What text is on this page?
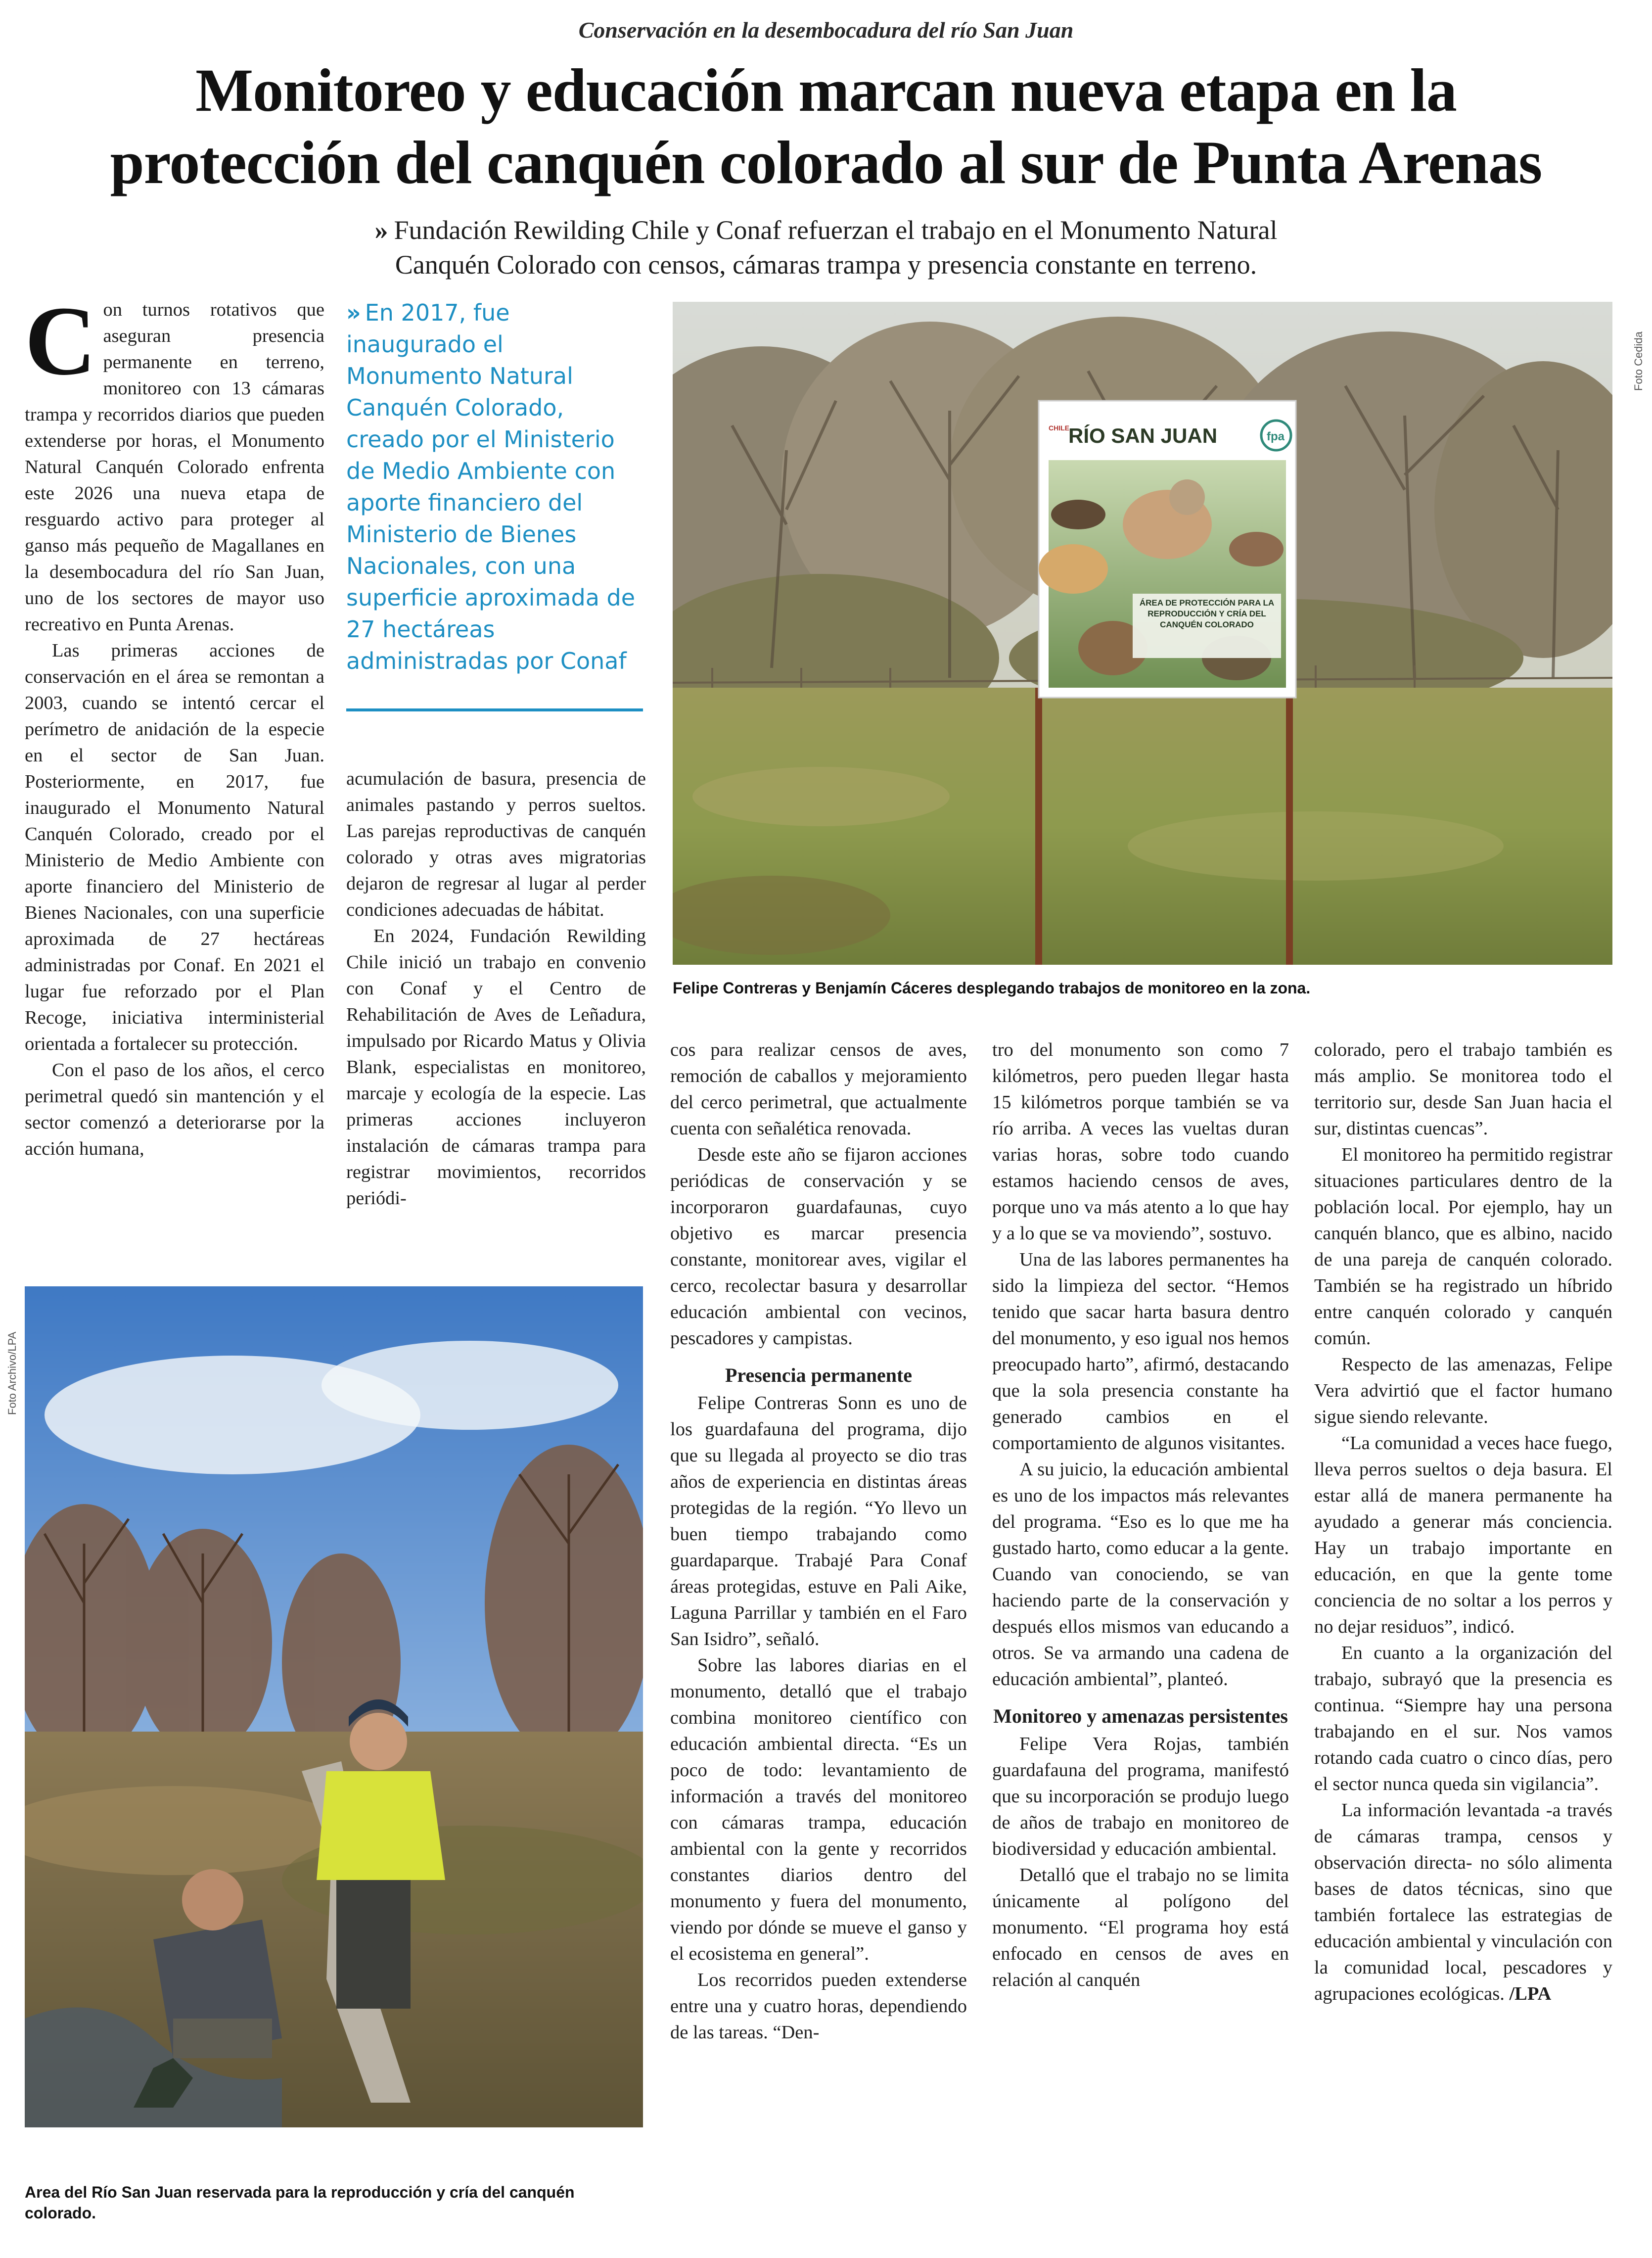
Conservación en la desembocadura del río San Juan
Monitoreo y educación marcan nueva etapa en la
protección del canquén colorado al sur de Punta Arenas
» Fundación Rewilding Chile y Conaf refuerzan el trabajo en el Monumento Natural
Canquén Colorado con censos, cámaras trampa y presencia constante en terreno.
C on turnos rotativos que aseguran presencia permanente en terreno, monitoreo con 13 cámaras trampa y recorridos diarios que pueden extenderse por horas, el Monumento Natural Canquén Colorado enfrenta este 2026 una nueva etapa de resguardo activo para proteger al ganso más pequeño de Magallanes en la desembocadura del río San Juan, uno de los sectores de mayor uso recreativo en Punta Arenas.

Las primeras acciones de conservación en el área se remontan a 2003, cuando se intentó cercar el perímetro de anidación de la especie en el sector de San Juan. Posteriormente, en 2017, fue inaugurado el Monumento Natural Canquén Colorado, creado por el Ministerio de Medio Ambiente con aporte financiero del Ministerio de Bienes Nacionales, con una superficie aproximada de 27 hectáreas administradas por Conaf. En 2021 el lugar fue reforzado por el Plan Recoge, iniciativa interministerial orientada a fortalecer su protección.

Con el paso de los años, el cerco perimetral quedó sin mantención y el sector comenzó a deteriorarse por la acción humana,

» En 2017, fue inaugurado el Monumento Natural Canquén Colorado, creado por el Ministerio de Medio Ambiente con aporte financiero del Ministerio de Bienes Nacionales, con una superficie aproximada de 27 hectáreas administradas por Conaf

acumulación de basura, presencia de animales pastando y perros sueltos. Las parejas reproductivas de canquén colorado y otras aves migratorias dejaron de regresar al lugar al perder condiciones adecuadas de hábitat.

En 2024, Fundación Rewilding Chile inició un trabajo en convenio con Conaf y el Centro de Rehabilitación de Aves de Leñadura, impulsado por Ricardo Matus y Olivia Blank, especialistas en monitoreo, marcaje y ecología de la especie. Las primeras acciones incluyeron instalación de cámaras trampa para registrar movimientos, recorridos periódi-

RÍO SAN JUAN
CHILE
fpa
ÁREA DE PROTECCIÓN PARA LA REPRODUCCIÓN Y CRÍA DEL CANQUÉN COLORADO
Foto Cedida
Felipe Contreras y Benjamín Cáceres desplegando trabajos de monitoreo en la zona.
Foto Archivo/LPA
Area del Río San Juan reservada para la reproducción y cría del canquén colorado.

cos para realizar censos de aves, remoción de caballos y mejoramiento del cerco perimetral, que actualmente cuenta con señalética renovada.

Desde este año se fijaron acciones periódicas de conservación y se incorporaron guardafaunas, cuyo objetivo es marcar presencia constante, monitorear aves, vigilar el cerco, recolectar basura y desarrollar educación ambiental con vecinos, pescadores y campistas.

Presencia permanente

Felipe Contreras Sonn es uno de los guardafauna del programa, dijo que su llegada al proyecto se dio tras años de experiencia en distintas áreas protegidas de la región. “Yo llevo un buen tiempo trabajando como guardaparque. Trabajé Para Conaf áreas protegidas, estuve en Pali Aike, Laguna Parrillar y también en el Faro San Isidro”, señaló.

Sobre las labores diarias en el monumento, detalló que el trabajo combina monitoreo científico con educación ambiental directa. “Es un poco de todo: levantamiento de información a través del monitoreo con cámaras trampa, educación ambiental con la gente y recorridos constantes diarios dentro del monumento y fuera del monumento, viendo por dónde se mueve el ganso y el ecosistema en general”.

Los recorridos pueden extenderse entre una y cuatro horas, dependiendo de las tareas. “Den-

tro del monumento son como 7 kilómetros, pero pueden llegar hasta 15 kilómetros porque también se va río arriba. A veces las vueltas duran varias horas, sobre todo cuando estamos haciendo censos de aves, porque uno va más atento a lo que hay y a lo que se va moviendo”, sostuvo.

Una de las labores permanentes ha sido la limpieza del sector. “Hemos tenido que sacar harta basura dentro del monumento, y eso igual nos hemos preocupado harto”, afirmó, destacando que la sola presencia constante ha generado cambios en el comportamiento de algunos visitantes.

A su juicio, la educación ambiental es uno de los impactos más relevantes del programa. “Eso es lo que me ha gustado harto, como educar a la gente. Cuando van conociendo, se van haciendo parte de la conservación y después ellos mismos van educando a otros. Se va armando una cadena de educación ambiental”, planteó.

Monitoreo y amenazas persistentes

Felipe Vera Rojas, también guardafauna del programa, manifestó que su incorporación se produjo luego de años de trabajo en monitoreo de biodiversidad y educación ambiental.

Detalló que el trabajo no se limita únicamente al polígono del monumento. “El programa hoy está enfocado en censos de aves en relación al canquén

colorado, pero el trabajo también es más amplio. Se monitorea todo el territorio sur, desde San Juan hacia el sur, distintas cuencas”.

El monitoreo ha permitido registrar situaciones particulares dentro de la población local. Por ejemplo, hay un canquén blanco, que es albino, nacido de una pareja de canquén colorado. También se ha registrado un híbrido entre canquén colorado y canquén común.

Respecto de las amenazas, Felipe Vera advirtió que el factor humano sigue siendo relevante.

“La comunidad a veces hace fuego, lleva perros sueltos o deja basura. El estar allá de manera permanente ha ayudado a generar más conciencia. Hay un trabajo importante en educación, en que la gente tome conciencia de no soltar a los perros y no dejar residuos”, indicó.

En cuanto a la organización del trabajo, subrayó que la presencia es continua. “Siempre hay una persona trabajando en el sur. Nos vamos rotando cada cuatro o cinco días, pero el sector nunca queda sin vigilancia”.

La información levantada -a través de cámaras trampa, censos y observación directa- no sólo alimenta bases de datos técnicas, sino que también fortalece las estrategias de educación ambiental y vinculación con la comunidad local, pescadores y agrupaciones ecológicas. /LPA
